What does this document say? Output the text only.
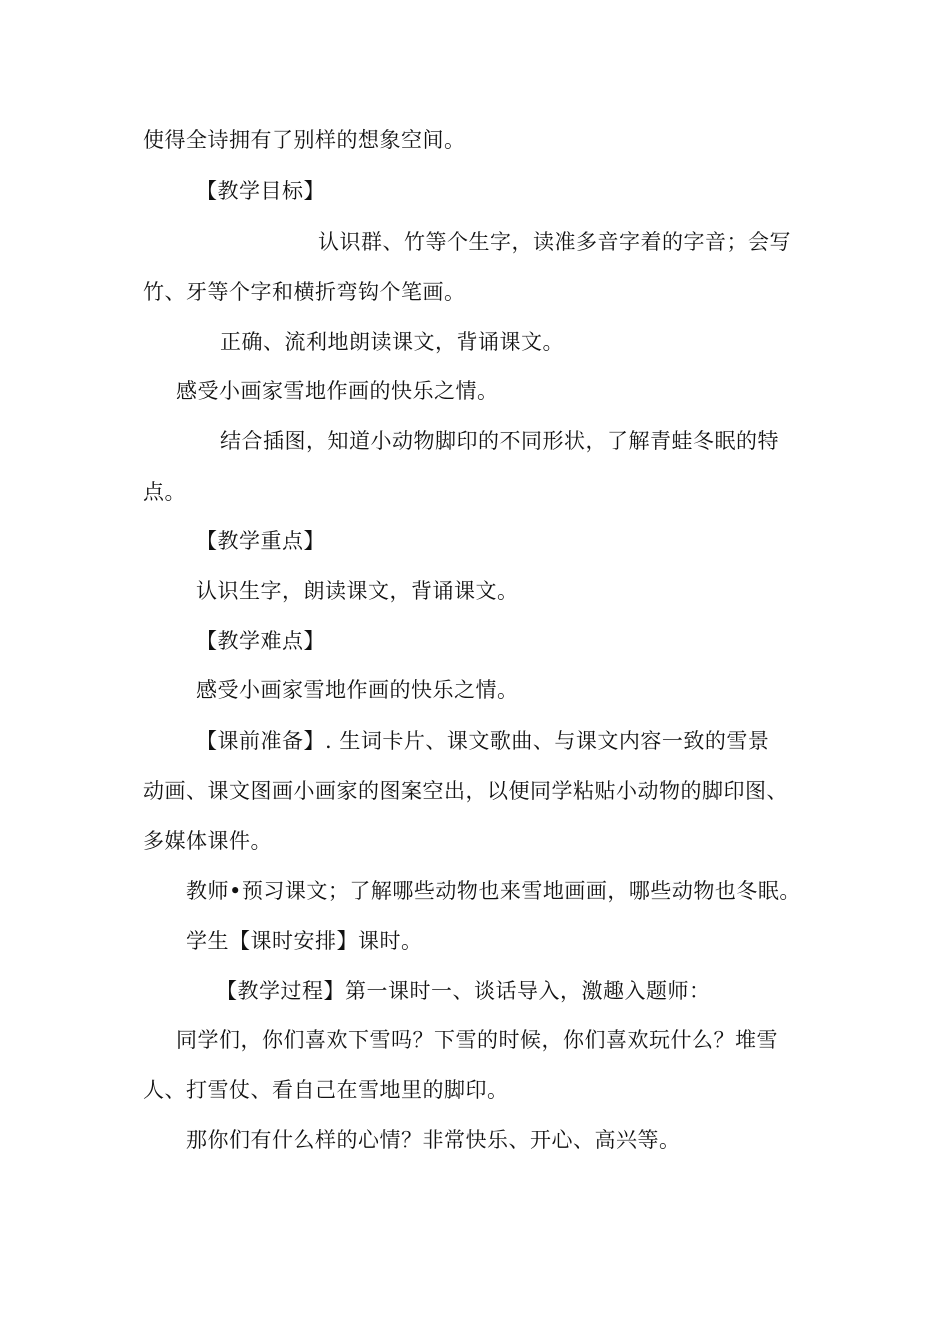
使得全诗拥有了别样的想象空间。
【教学目标】
认识群、竹等个生字，读准多音字着的字音；会写
竹、牙等个字和横折弯钩个笔画。
正确、流利地朗读课文，背诵课文。
感受小画家雪地作画的快乐之情。
结合插图，知道小动物脚印的不同形状，了解青蛙冬眠的特
点。
【教学重点】
认识生字，朗读课文，背诵课文。
【教学难点】
感受小画家雪地作画的快乐之情。
【课前准备】. 生词卡片、课文歌曲、与课文内容一致的雪景
动画、课文图画小画家的图案空出，以便同学粘贴小动物的脚印图、
多媒体课件。
教师•预习课文；了解哪些动物也来雪地画画，哪些动物也冬眠。
学生【课时安排】课时。
【教学过程】第一课时一、谈话导入，激趣入题师：
同学们，你们喜欢下雪吗？下雪的时候，你们喜欢玩什么？堆雪
人、打雪仗、看自己在雪地里的脚印。
那你们有什么样的心情？非常快乐、开心、高兴等。
